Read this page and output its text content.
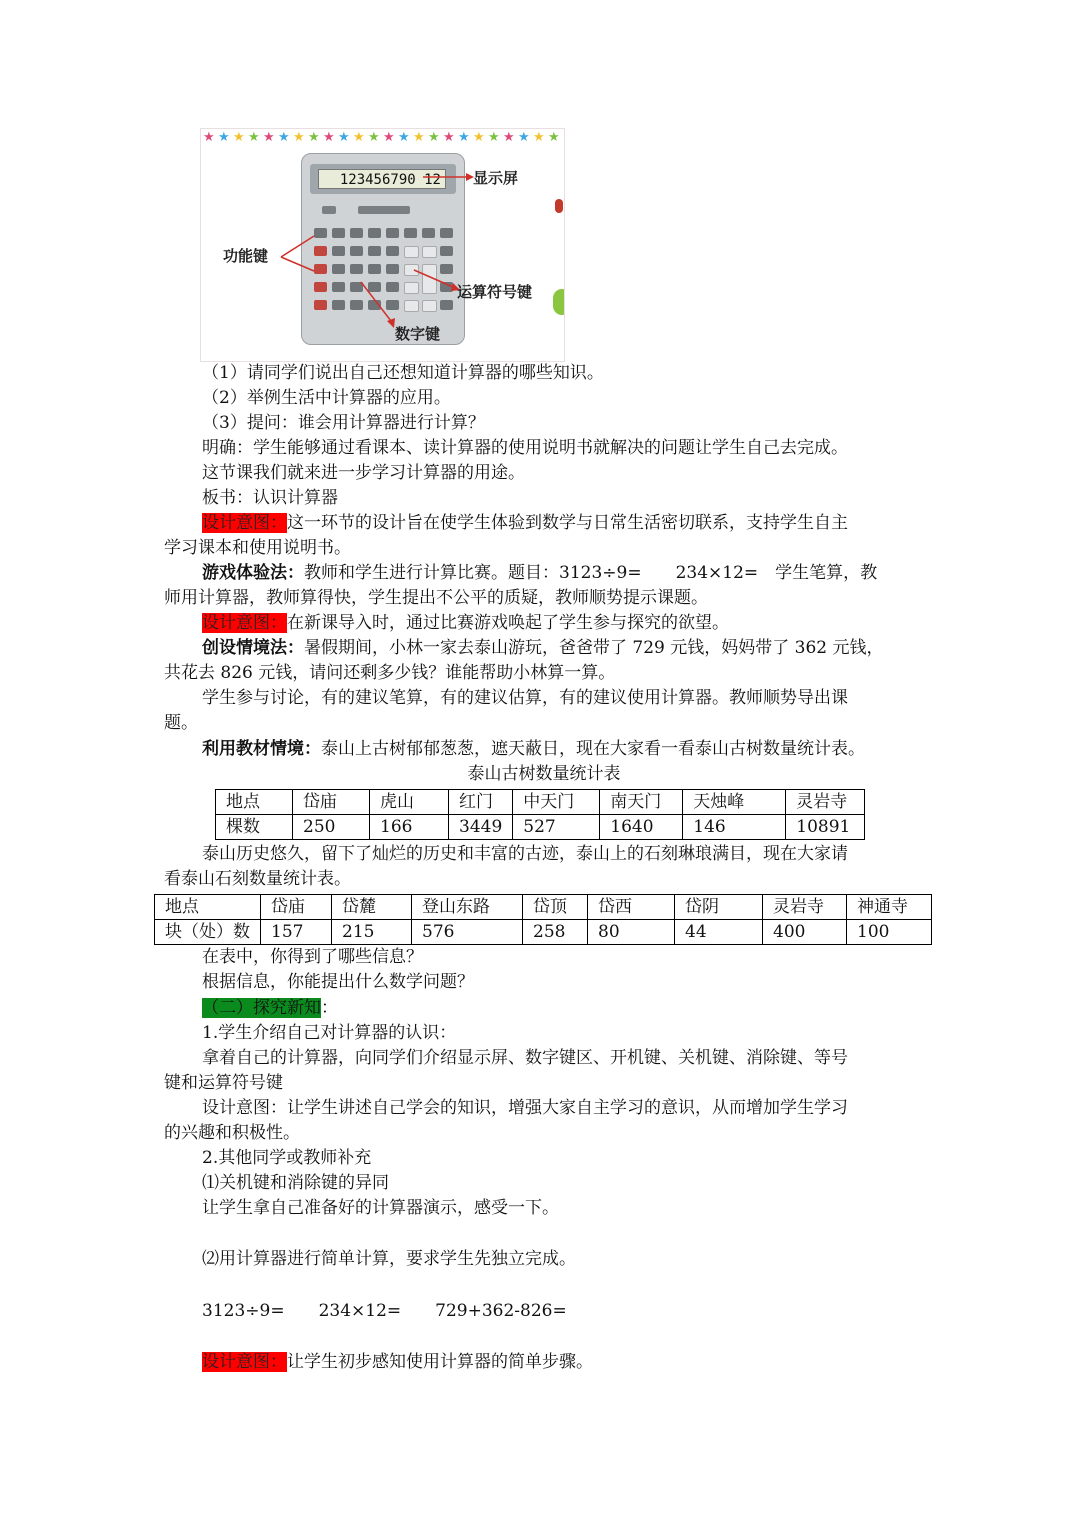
★ ★ ★ ★ ★ ★ ★ ★ ★ ★ ★ ★ ★ ★ ★ ★ ★ ★ ★ ★ ★ ★ ★ ★
123456790 12	显示屏
功能键
运算符号键
数字键
（1）请同学们说出自己还想知道计算器的哪些知识。
（2）举例生活中计算器的应用。
（3）提问：谁会用计算器进行计算？
明确：学生能够通过看课本、读计算器的使用说明书就解决的问题让学生自己去完成。
这节课我们就来进一步学习计算器的用途。
板书：认识计算器
设计意图：这一环节的设计旨在使学生体验到数学与日常生活密切联系，支持学生自主
学习课本和使用说明书。
游戏体验法：教师和学生进行计算比赛。题目：3123÷9=　　234×12=　学生笔算，教
师用计算器，教师算得快，学生提出不公平的质疑，教师顺势提示课题。
设计意图：在新课导入时，通过比赛游戏唤起了学生参与探究的欲望。
创设情境法：暑假期间，小林一家去泰山游玩，爸爸带了 729 元钱，妈妈带了 362 元钱，
共花去 826 元钱，请问还剩多少钱？谁能帮助小林算一算。
学生参与讨论，有的建议笔算，有的建议估算，有的建议使用计算器。教师顺势导出课
题。
利用教材情境：泰山上古树郁郁葱葱，遮天蔽日，现在大家看一看泰山古树数量统计表。
泰山古树数量统计表
地点	岱庙	虎山	红门	中天门	南天门	天烛峰	灵岩寺
棵数	250	166	3449	527	1640	146	10891
泰山历史悠久，留下了灿烂的历史和丰富的古迹，泰山上的石刻琳琅满目，现在大家请
看泰山石刻数量统计表。
地点	岱庙	岱麓	登山东路	岱顶	岱西	岱阴	灵岩寺	神通寺
块（处）数	157	215	576	258	80	44	400	100
在表中，你得到了哪些信息？
根据信息，你能提出什么数学问题？
（二）探究新知：
1.学生介绍自己对计算器的认识：
拿着自己的计算器，向同学们介绍显示屏、数字键区、开机键、关机键、消除键、等号
键和运算符号键
设计意图：让学生讲述自己学会的知识，增强大家自主学习的意识，从而增加学生学习
的兴趣和积极性。
2.其他同学或教师补充
⑴关机键和消除键的异同
让学生拿自己准备好的计算器演示，感受一下。
⑵用计算器进行简单计算，要求学生先独立完成。
3123÷9=　　234×12=　　729+362-826=
设计意图：让学生初步感知使用计算器的简单步骤。
